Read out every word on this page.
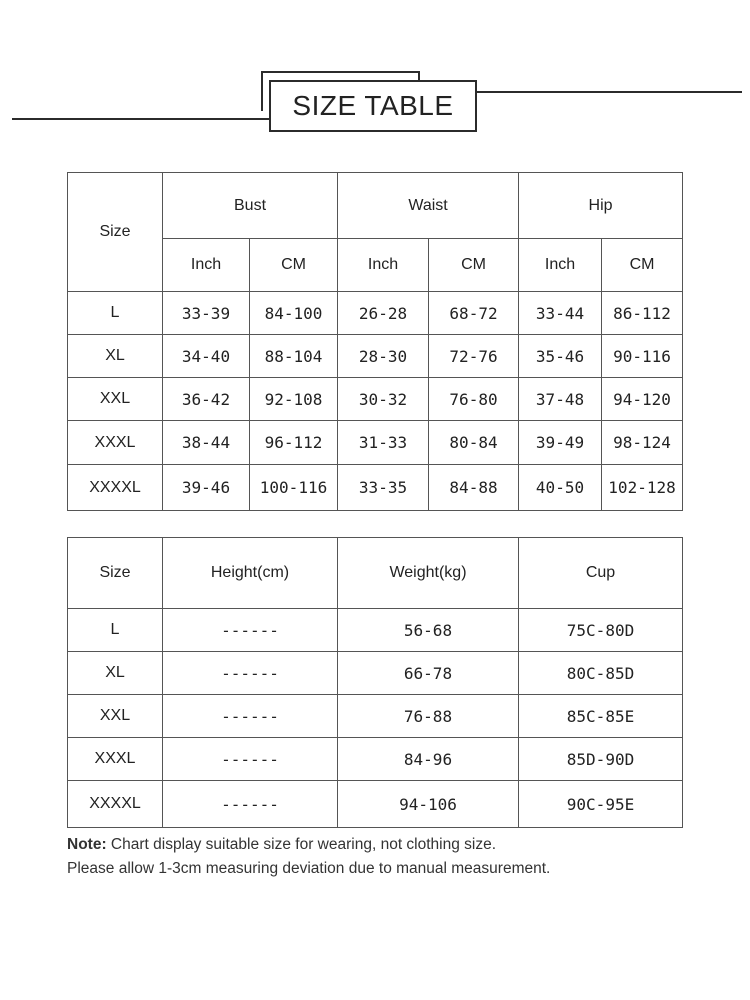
SIZE TABLE
Size	Bust		Waist		Hip	
	Inch	CM	Inch	CM	Inch	CM
L	33-39	84-100	26-28	68-72	33-44	86-112
XL	34-40	88-104	28-30	72-76	35-46	90-116
XXL	36-42	92-108	30-32	76-80	37-48	94-120
XXXL	38-44	96-112	31-33	80-84	39-49	98-124
XXXXL	39-46	100-116	33-35	84-88	40-50	102-128
Size	Height(cm)	Weight(kg)	Cup
L	------	56-68	75C-80D
XL	------	66-78	80C-85D
XXL	------	76-88	85C-85E
XXXL	------	84-96	85D-90D
XXXXL	------	94-106	90C-95E
Note: Chart display suitable size for wearing, not clothing size.
Please allow 1-3cm measuring deviation due to manual measurement.
